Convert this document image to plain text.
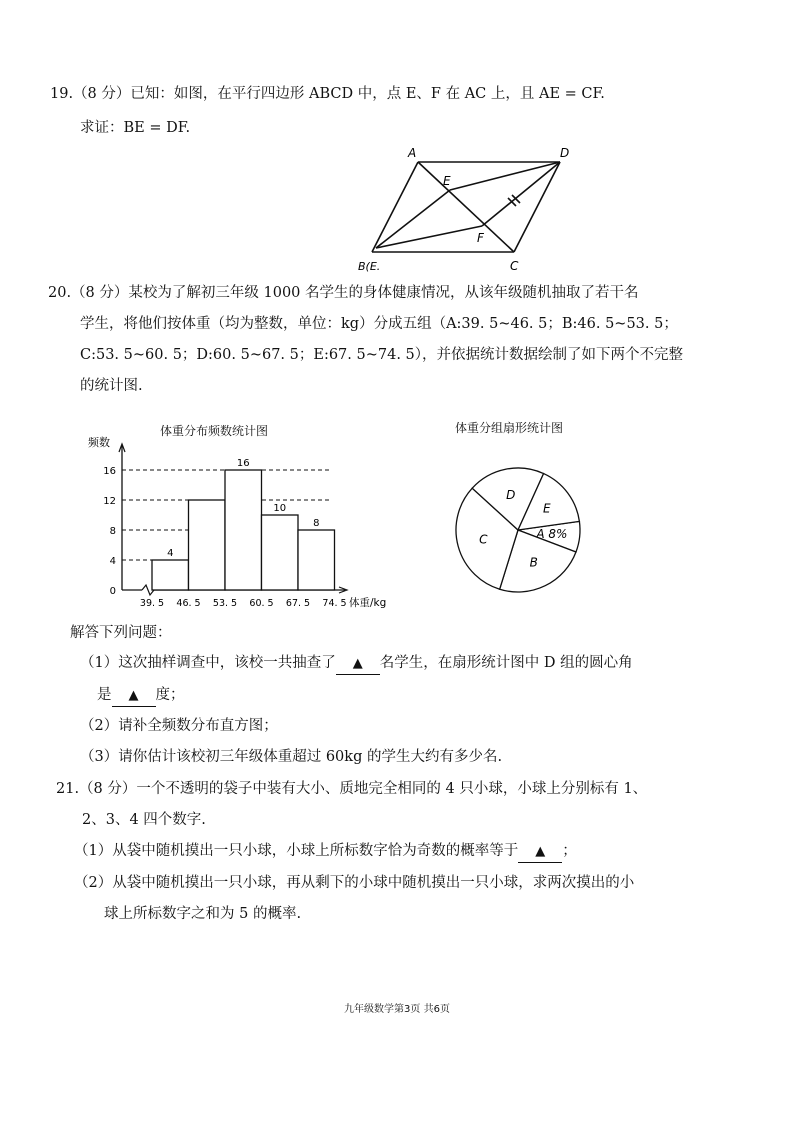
19.（8 分）已知：如图，在平行四边形 ABCD 中，点 E、F 在 AC 上，且 AE = CF.
求证：BE = DF.
A	D
E
F
C
B(E.
20.（8 分）某校为了解初三年级 1000 名学生的身体健康情况，从该年级随机抽取了若干名
学生，将他们按体重（均为整数，单位：kg）分成五组（A:39. 5~46. 5；B:46. 5~53. 5；
C:53. 5~60. 5；D:60. 5~67. 5；E:67. 5~74. 5），并依据统计数据绘制了如下两个不完整
的统计图.
体重分布频数统计图	体重分组扇形统计图
频数
0
4
8
12
16
4
16
10
8
39. 5 46. 5 53. 5 60. 5 67. 5 74. 5 体重/kg
A 8%
B
C
D
E
解答下列问题：
（1）这次抽样调查中，该校一共抽查了 ▲ 名学生，在扇形统计图中 D 组的圆心角
是 ▲ 度；
（2）请补全频数分布直方图；
（3）请你估计该校初三年级体重超过 60kg 的学生大约有多少名.
21.（8 分）一个不透明的袋子中装有大小、质地完全相同的 4 只小球，小球上分别标有 1、
2、3、4 四个数字.
（1）从袋中随机摸出一只小球，小球上所标数字恰为奇数的概率等于 ▲ ；
（2）从袋中随机摸出一只小球，再从剩下的小球中随机摸出一只小球，求两次摸出的小
球上所标数字之和为 5 的概率.
九年级数学第3页 共6页
